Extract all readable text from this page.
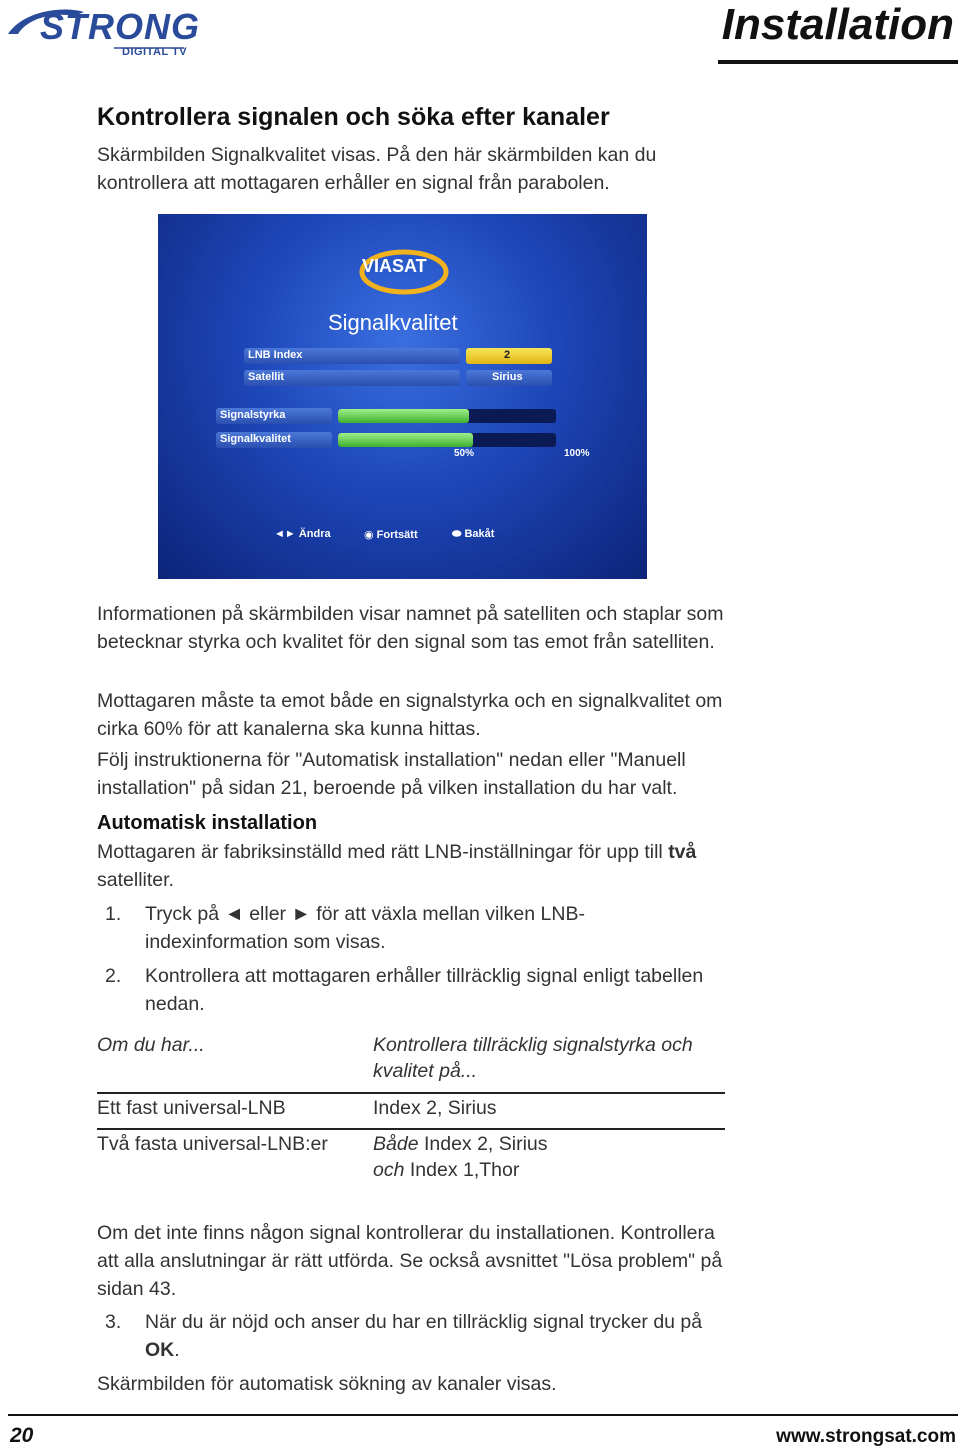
STRONG
DIGITAL TV
Installation
Kontrollera signalen och söka efter kanaler
Skärmbilden Signalkvalitet visas. På den här skärmbilden kan du kontrollera att mottagaren erhåller en signal från parabolen.
VIASAT
Signalkvalitet
LNB Index	2
Satellit	Sirius
Signalstyrka
Signalkvalitet
50%	100%
◄► Ändra	◉ Fortsätt	⬬ Bakåt
Informationen på skärmbilden visar namnet på satelliten och staplar som betecknar styrka och kvalitet för den signal som tas emot från satelliten.
Mottagaren måste ta emot både en signalstyrka och en signalkvalitet om cirka 60% för att kanalerna ska kunna hittas.
Följ instruktionerna för "Automatisk installation" nedan eller "Manuell installation" på sidan 21, beroende på vilken installation du har valt.
Automatisk installation
Mottagaren är fabriksinställd med rätt LNB-inställningar för upp till två satelliter.
1. Tryck på ◄ eller ► för att växla mellan vilken LNB-indexinformation som visas.
2. Kontrollera att mottagaren erhåller tillräcklig signal enligt tabellen nedan.
Om du har...	Kontrollera tillräcklig signalstyrka och kvalitet på...
Ett fast universal-LNB	Index 2, Sirius
Två fasta universal-LNB:er	Både Index 2, Sirius
och Index 1,Thor
Om det inte finns någon signal kontrollerar du installationen. Kontrollera att alla anslutningar är rätt utförda. Se också avsnittet "Lösa problem" på sidan 43.
3. När du är nöjd och anser du har en tillräcklig signal trycker du på OK.
Skärmbilden för automatisk sökning av kanaler visas.
20	www.strongsat.com
